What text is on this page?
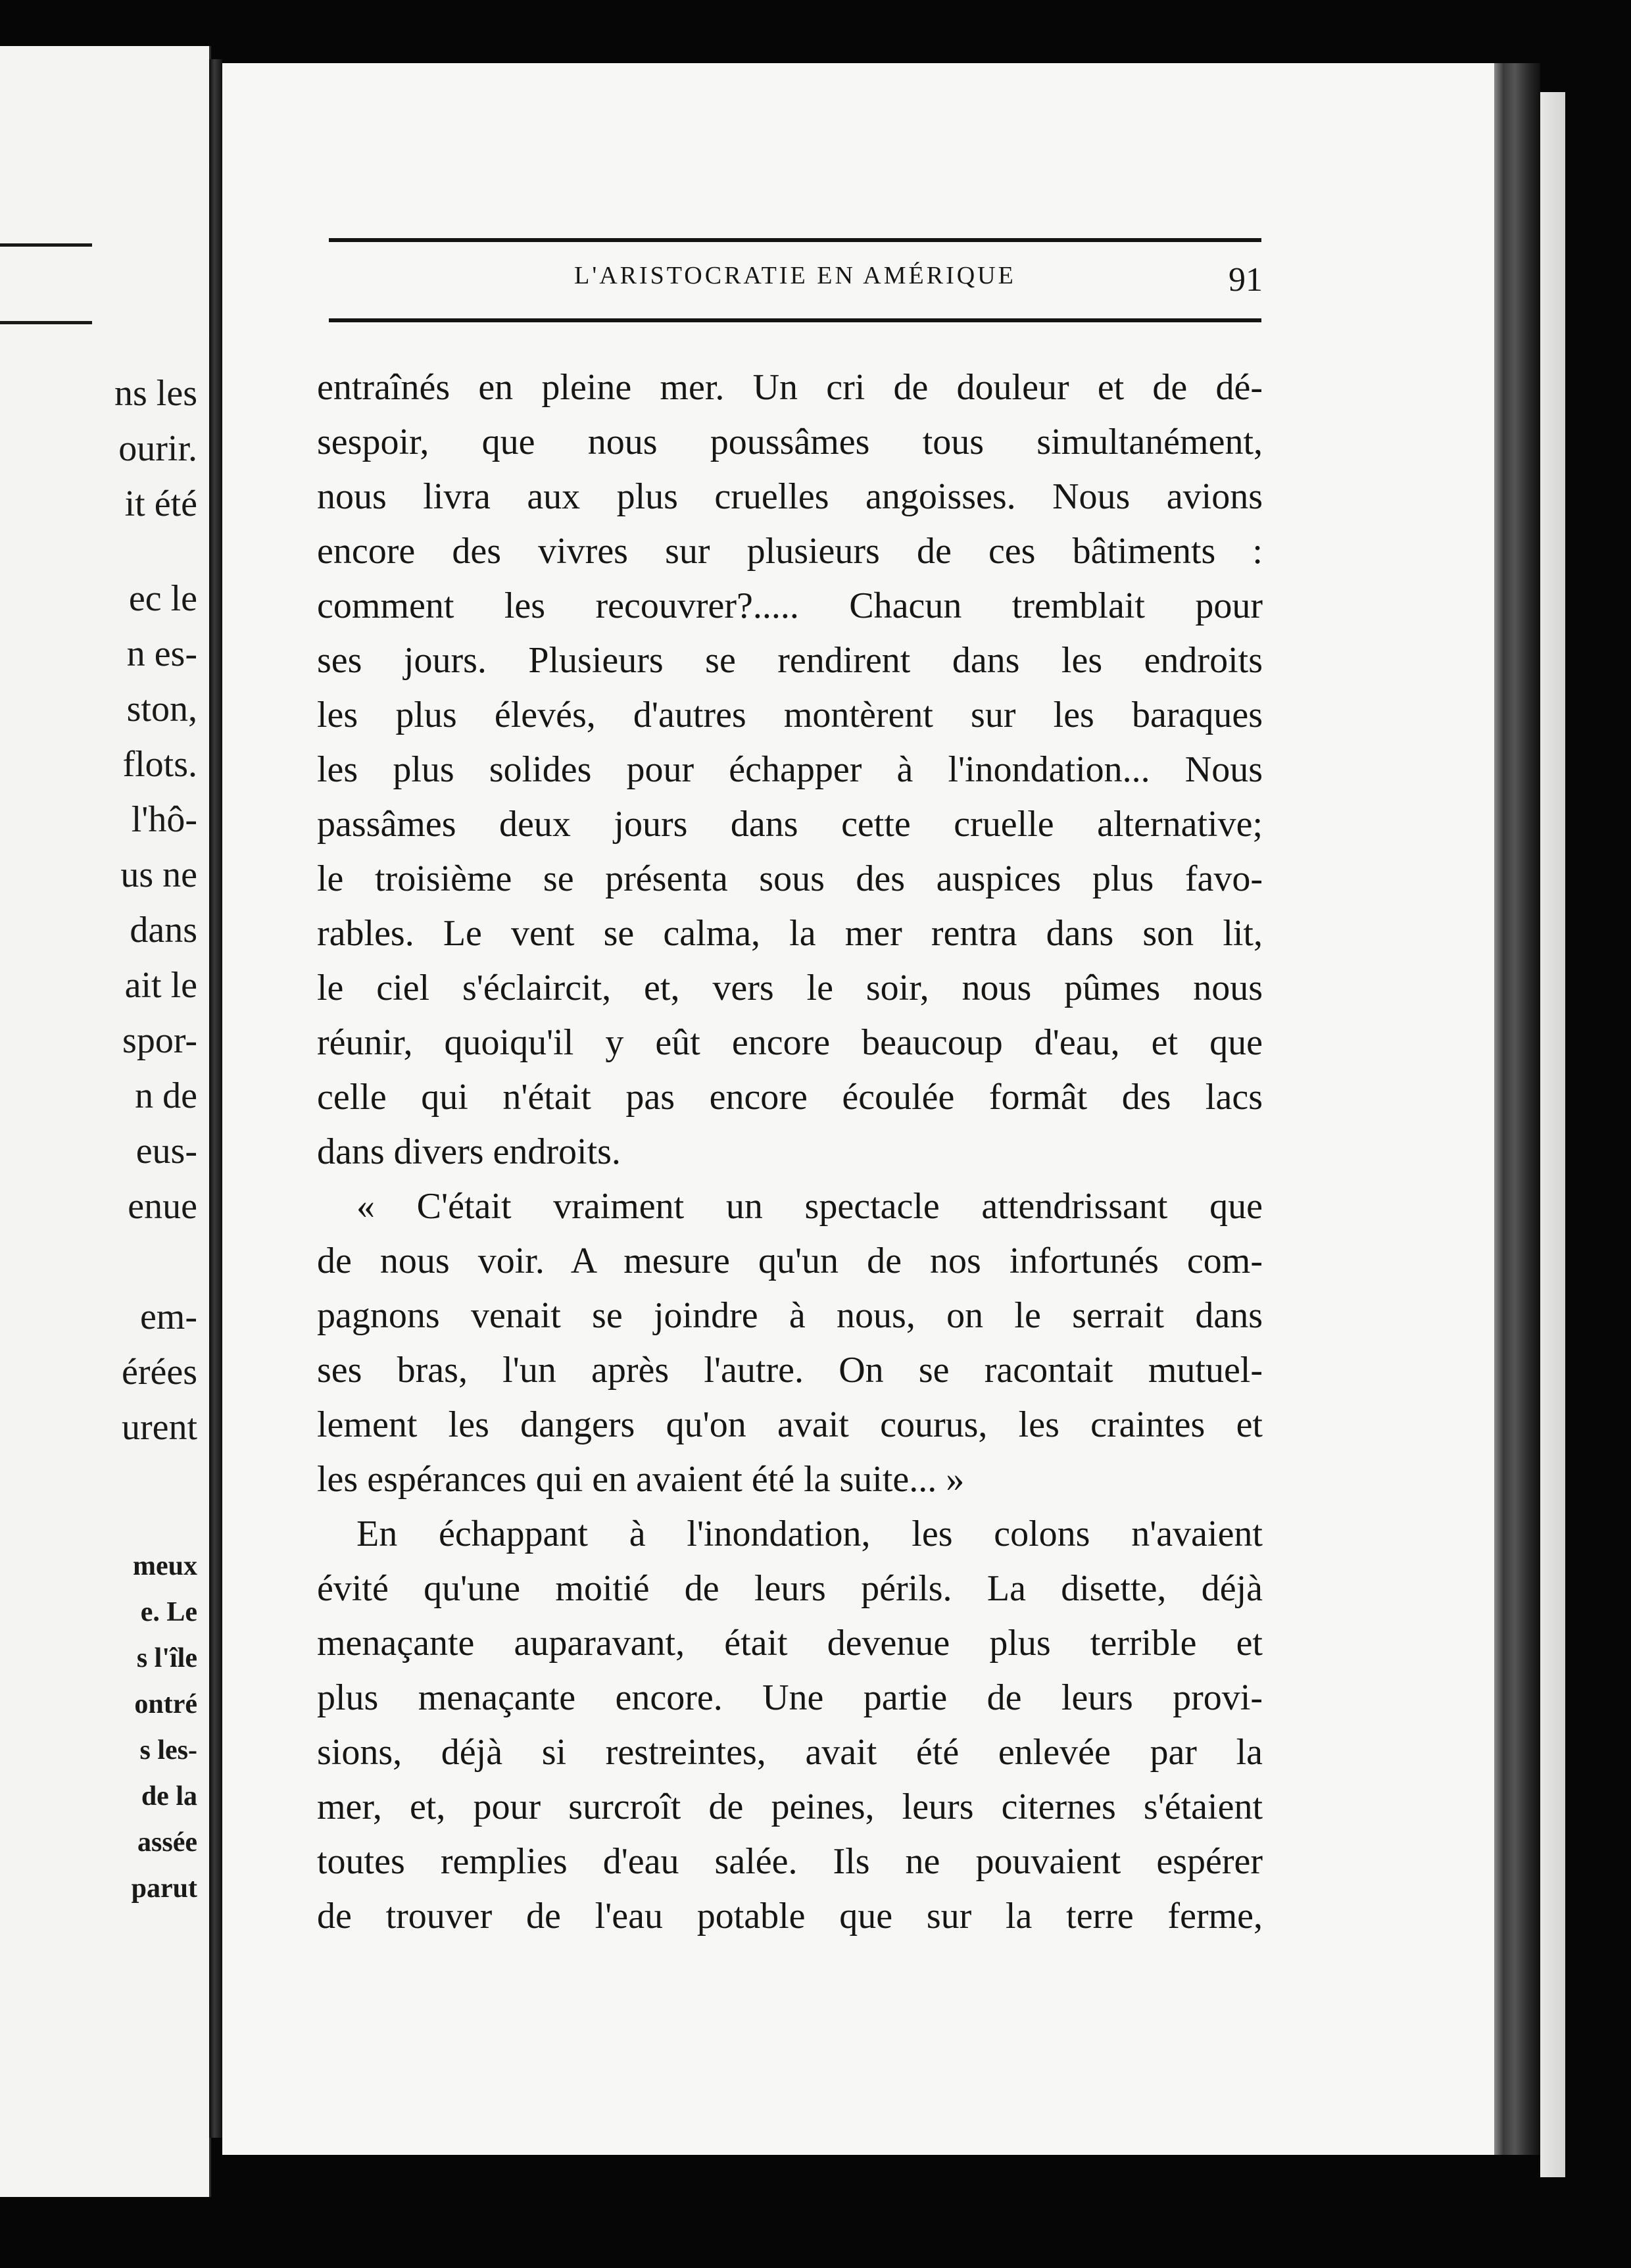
ns les
ourir.
it été
ec le
n es-
ston,
flots.
l'hô-
us ne
dans
ait le
spor-
n de
eus-
enue
em-
érées
urent
meux
e. Le
s l'île
ontré
s les-
de la
assée
parut
L'ARISTOCRATIE EN AMÉRIQUE	91
entraînés en pleine mer. Un cri de douleur et de dé-
sespoir, que nous poussâmes tous simultanément,
nous livra aux plus cruelles angoisses. Nous avions
encore des vivres sur plusieurs de ces bâtiments :
comment les recouvrer?..... Chacun tremblait pour
ses jours. Plusieurs se rendirent dans les endroits
les plus élevés, d'autres montèrent sur les baraques
les plus solides pour échapper à l'inondation... Nous
passâmes deux jours dans cette cruelle alternative;
le troisième se présenta sous des auspices plus favo-
rables. Le vent se calma, la mer rentra dans son lit,
le ciel s'éclaircit, et, vers le soir, nous pûmes nous
réunir, quoiqu'il y eût encore beaucoup d'eau, et que
celle qui n'était pas encore écoulée formât des lacs
dans divers endroits.
« C'était vraiment un spectacle attendrissant que
de nous voir. A mesure qu'un de nos infortunés com-
pagnons venait se joindre à nous, on le serrait dans
ses bras, l'un après l'autre. On se racontait mutuel-
lement les dangers qu'on avait courus, les craintes et
les espérances qui en avaient été la suite... »
En échappant à l'inondation, les colons n'avaient
évité qu'une moitié de leurs périls. La disette, déjà
menaçante auparavant, était devenue plus terrible et
plus menaçante encore. Une partie de leurs provi-
sions, déjà si restreintes, avait été enlevée par la
mer, et, pour surcroît de peines, leurs citernes s'étaient
toutes remplies d'eau salée. Ils ne pouvaient espérer
de trouver de l'eau potable que sur la terre ferme,
